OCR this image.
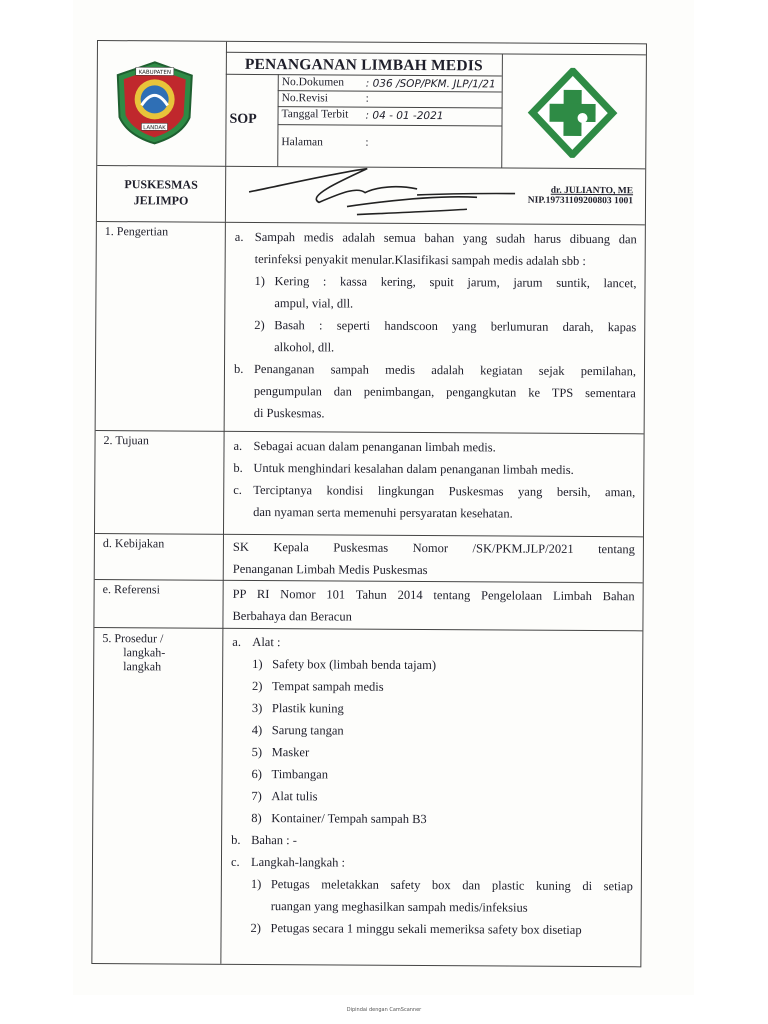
KABUPATEN
LANDAK
PENANGANAN LIMBAH MEDIS
SOP
No.Dokumen : 036 /SOP/PKM. JLP/1/21
No.Revisi	:
Tanggal Terbit : 04 - 01 -2021
Halaman	:
PUSKESMAS
JELIMPO
dr. JULIANTO, ME
NIP.19731109200803 1001
1. Pengertian	a. Sampah medis adalah semua bahan yang sudah harus dibuang dan
terinfeksi penyakit menular.Klasifikasi sampah medis adalah sbb :
1) Kering : kassa kering, spuit jarum, jarum suntik, lancet,
ampul, vial, dll.
2) Basah : seperti handscoon yang berlumuran darah, kapas
alkohol, dll.
b. Penanganan sampah medis adalah kegiatan sejak pemilahan,
pengumpulan dan penimbangan, pengangkutan ke TPS sementara
di Puskesmas.
2. Tujuan	a. Sebagai acuan dalam penanganan limbah medis.
b. Untuk menghindari kesalahan dalam penanganan limbah medis.
c. Terciptanya kondisi lingkungan Puskesmas yang bersih, aman,
dan nyaman serta memenuhi persyaratan kesehatan.
d. Kebijakan	SK Kepala Puskesmas Nomor /SK/PKM.JLP/2021 tentang
Penanganan Limbah Medis Puskesmas
e. Referensi	PP RI Nomor 101 Tahun 2014 tentang Pengelolaan Limbah Bahan
Berbahaya dan Beracun
5. Prosedur /
langkah-
langkah
a. Alat :
1) Safety box (limbah benda tajam)
2) Tempat sampah medis
3) Plastik kuning
4) Sarung tangan
5) Masker
6) Timbangan
7) Alat tulis
8) Kontainer/ Tempah sampah B3
b. Bahan : -
c. Langkah-langkah :
1) Petugas meletakkan safety box dan plastic kuning di setiap
ruangan yang meghasilkan sampah medis/infeksius
2) Petugas secara 1 minggu sekali memeriksa safety box disetiap
Dipindai dengan CamScanner
